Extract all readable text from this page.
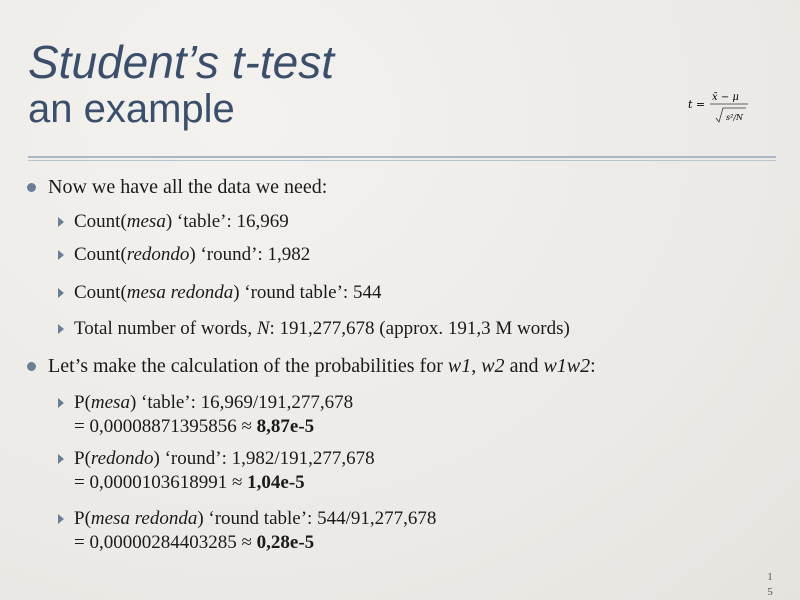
Student’s t-test
an example	t =
x̄ − μ
s²/N
Now we have all the data we need:
Count(mesa) ‘table’: 16,969
Count(redondo) ‘round’: 1,982
Count(mesa redonda) ‘round table’: 544
Total number of words, N: 191,277,678 (approx. 191,3 M words)
Let’s make the calculation of the probabilities for w1, w2 and w1w2:
P(mesa) ‘table’: 16,969/191,277,678
= 0,00008871395856 ≈ 8,87e-5
P(redondo) ‘round’: 1,982/191,277,678
= 0,0000103618991 ≈ 1,04e-5
P(mesa redonda) ‘round table’: 544/91,277,678
= 0,00000284403285 ≈ 0,28e-5
1
5
